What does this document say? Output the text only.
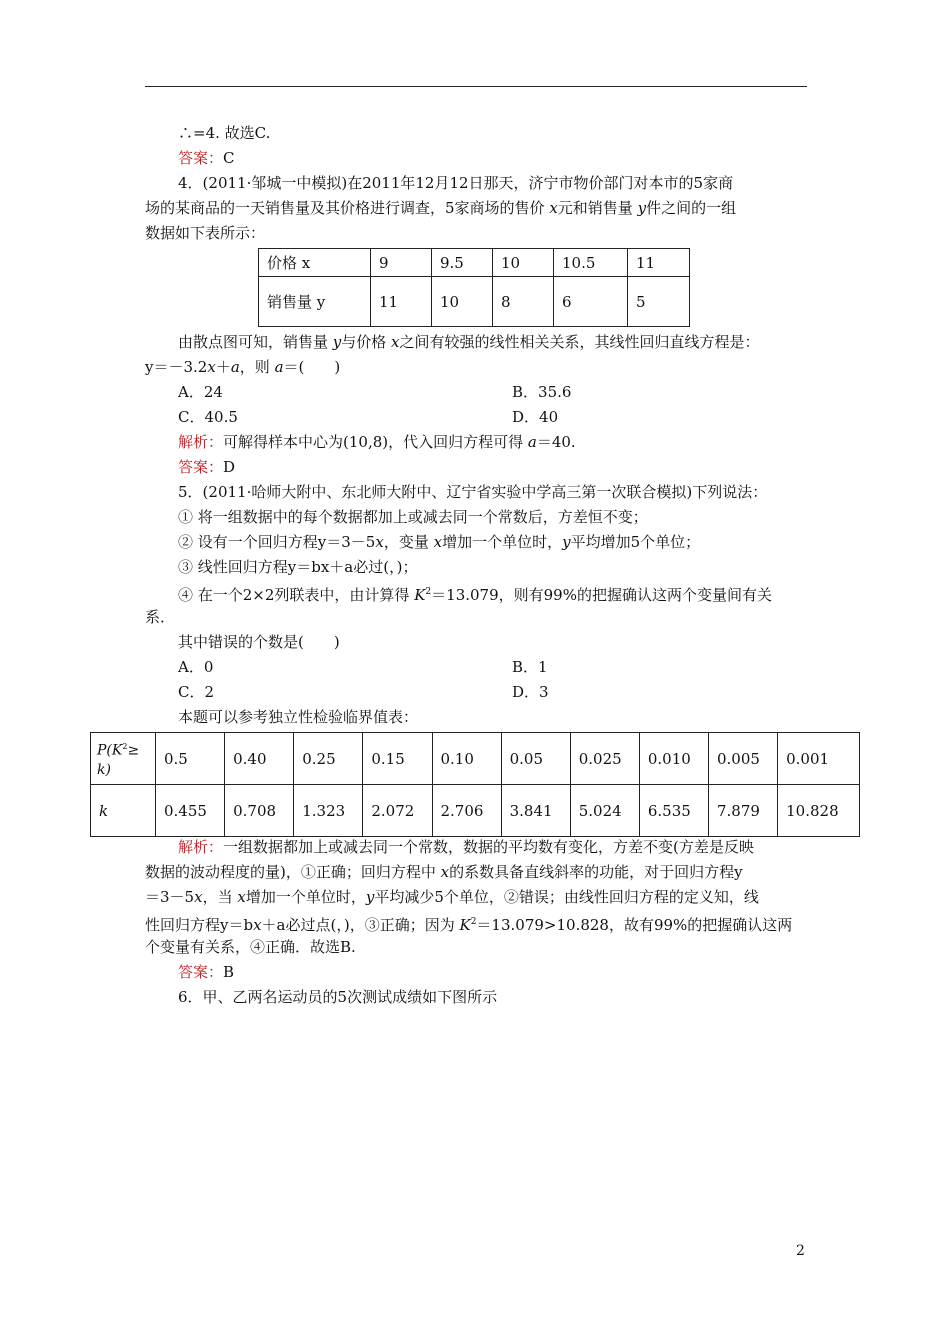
∴=4. 故选C.
答案：C
4．(2011·邹城一中模拟)在2011年12月12日那天，济宁市物价部门对本市的5家商
场的某商品的一天销售量及其价格进行调查，5家商场的售价 x元和销售量 y件之间的一组
数据如下表所示：
价格 x	9	9.5	10	10.5	11
销售量 y	11	10	8	6	5
由散点图可知，销售量 y与价格 x之间有较强的线性相关关系，其线性回归直线方程是：
y＝－3.2x＋a，则 a＝(　　)
A．24	B．35.6
C．40.5	D．40
解析：可解得样本中心为(10,8)，代入回归方程可得 a＝40.
答案：D
5．(2011·哈师大附中、东北师大附中、辽宁省实验中学高三第一次联合模拟)下列说法：
① 将一组数据中的每个数据都加上或减去同一个常数后，方差恒不变；
② 设有一个回归方程y＝3－5x，变量 x增加一个单位时，y平均增加5个单位；
③ 线性回归方程y＝bx＋a必过(，)；
④ 在一个2×2列联表中，由计算得 $K^2=13.079$，则有99%的把握确认这两个变量间有关
系．
其中错误的个数是(　　)
A．0	B．1
C．2	D．3
本题可以参考独立性检验临界值表：
$P(K^2\ge$
k)	0.5	0.40	0.25	0.15	0.10	0.05	0.025	0.010	0.005	0.001
k	0.455	0.708	1.323	2.072	2.706	3.841	5.024	6.535	7.879	10.828
解析：一组数据都加上或减去同一个常数，数据的平均数有变化，方差不变(方差是反映
数据的波动程度的量)，①正确；回归方程中 x的系数具备直线斜率的功能，对于回归方程y
＝3－5x，当 x增加一个单位时，y平均减少5个单位，②错误；由线性回归方程的定义知，线
性回归方程y＝bx＋a必过点(，)，③正确；因为 $K^2=13.079>10.828$，故有99%的把握确认这两
个变量有关系，④正确．故选B.
答案：B
6．甲、乙两名运动员的5次测试成绩如下图所示
2
